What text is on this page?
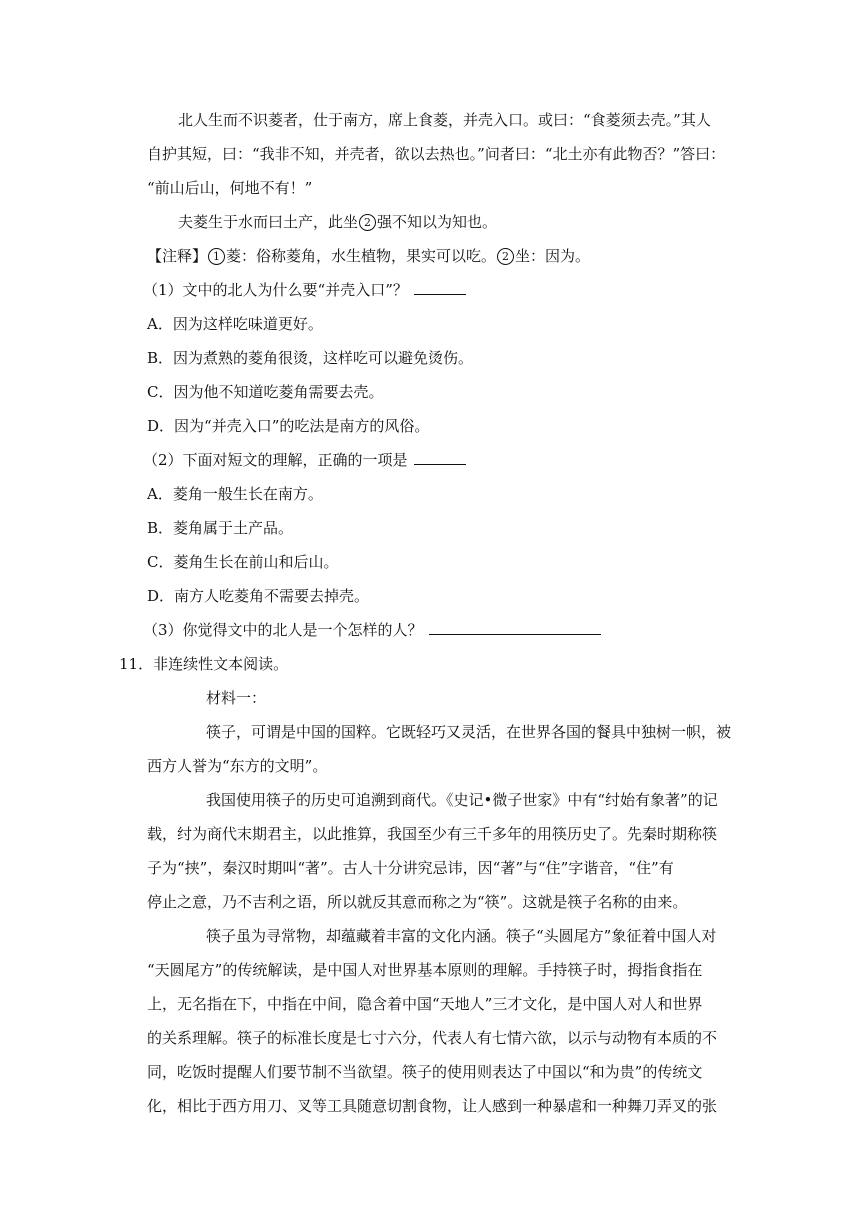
北人生而不识菱者，仕于南方，席上食菱，并壳入口。或曰：“食菱须去壳。”其人
自护其短，曰：“我非不知，并壳者，欲以去热也。”问者曰：“北土亦有此物否？”答曰：
“前山后山，何地不有！”
夫菱生于水而曰土产，此坐 2 强不知以为知也。
【注释】 1 菱：俗称菱角，水生植物，果实可以吃。 2 坐：因为。
（1）文中的北人为什么要“并壳入口”？
A．因为这样吃味道更好。
B．因为煮熟的菱角很烫，这样吃可以避免烫伤。
C．因为他不知道吃菱角需要去壳。
D．因为“并壳入口”的吃法是南方的风俗。
（2）下面对短文的理解，正确的一项是
A．菱角一般生长在南方。
B．菱角属于土产品。
C．菱角生长在前山和后山。
D．南方人吃菱角不需要去掉壳。
（3）你觉得文中的北人是一个怎样的人？
11．非连续性文本阅读。
材料一：
筷子，可谓是中国的国粹。它既轻巧又灵活，在世界各国的餐具中独树一帜，被
西方人誉为“东方的文明”。
我国使用筷子的历史可追溯到商代。《史记•微子世家》中有“纣始有象著”的记
载，纣为商代末期君主，以此推算，我国至少有三千多年的用筷历史了。先秦时期称筷
子为“挟”，秦汉时期叫“著”。古人十分讲究忌讳，因“著”与“住”字谐音，“住”有
停止之意，乃不吉利之语，所以就反其意而称之为“筷”。这就是筷子名称的由来。
筷子虽为寻常物，却蕴藏着丰富的文化内涵。筷子“头圆尾方”象征着中国人对
“天圆尾方”的传统解读，是中国人对世界基本原则的理解。手持筷子时，拇指食指在
上，无名指在下，中指在中间，隐含着中国“天地人”三才文化，是中国人对人和世界
的关系理解。筷子的标准长度是七寸六分，代表人有七情六欲，以示与动物有本质的不
同，吃饭时提醒人们要节制不当欲望。筷子的使用则表达了中国以“和为贵”的传统文
化，相比于西方用刀、叉等工具随意切割食物，让人感到一种暴虐和一种舞刀弄叉的张
